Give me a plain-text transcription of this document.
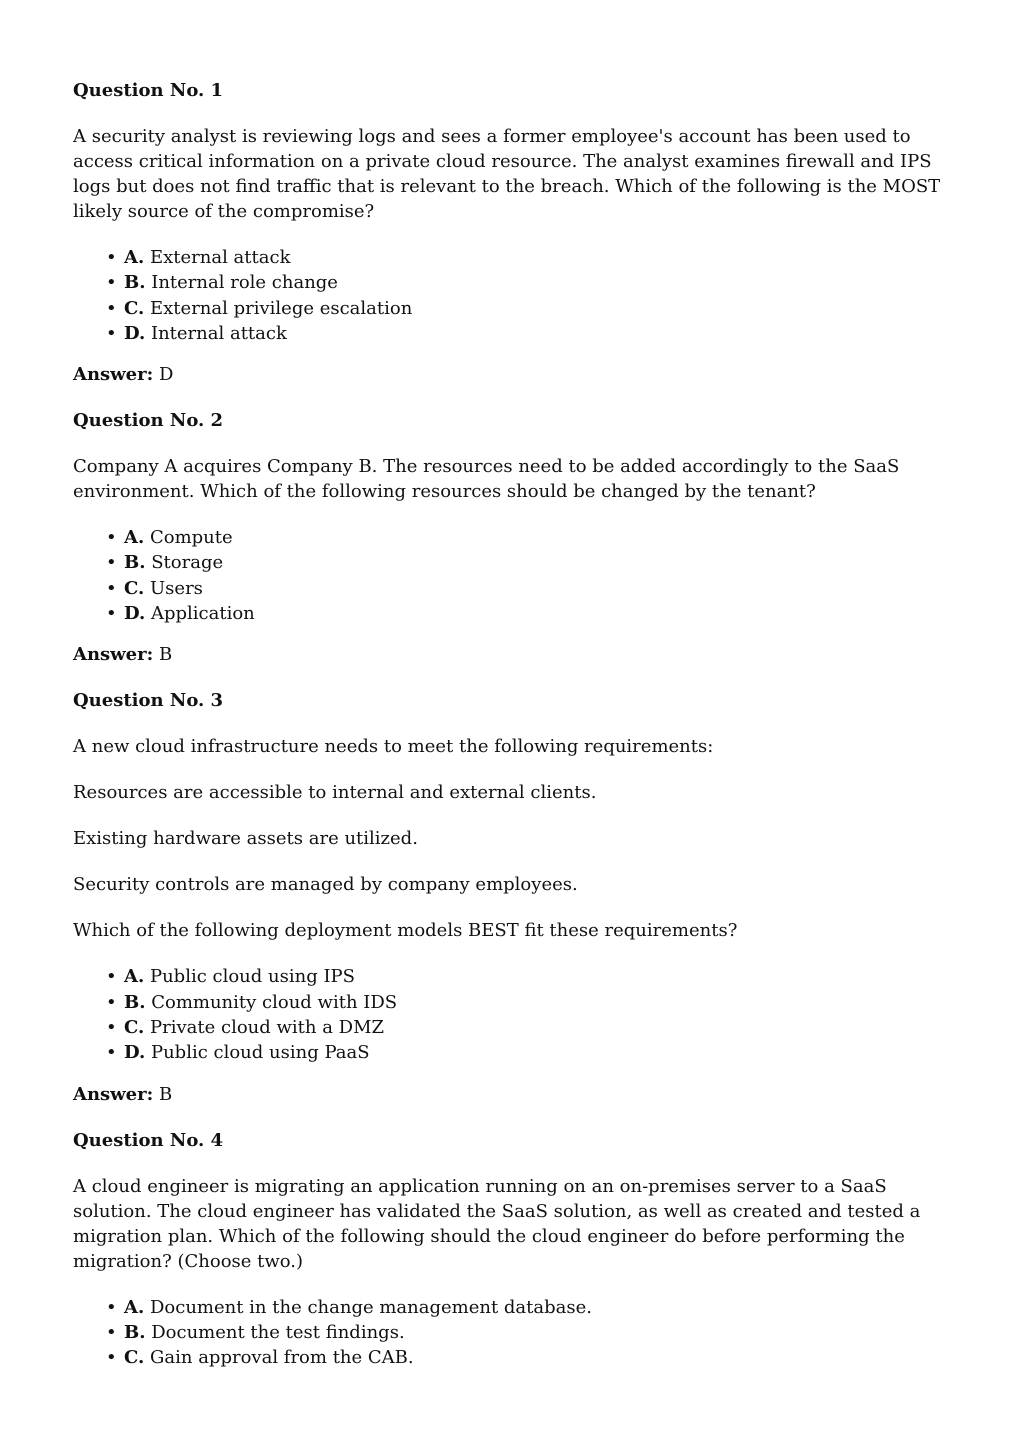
Question No. 1

A security analyst is reviewing logs and sees a former employee's account has been used to access critical information on a private cloud resource. The analyst examines firewall and IPS logs but does not find traffic that is relevant to the breach. Which of the following is the MOST likely source of the compromise?

• A. External attack
• B. Internal role change
• C. External privilege escalation
• D. Internal attack

Answer: D

Question No. 2

Company A acquires Company B. The resources need to be added accordingly to the SaaS environment. Which of the following resources should be changed by the tenant?

• A. Compute
• B. Storage
• C. Users
• D. Application

Answer: B

Question No. 3

A new cloud infrastructure needs to meet the following requirements:

Resources are accessible to internal and external clients.

Existing hardware assets are utilized.

Security controls are managed by company employees.

Which of the following deployment models BEST fit these requirements?

• A. Public cloud using IPS
• B. Community cloud with IDS
• C. Private cloud with a DMZ
• D. Public cloud using PaaS

Answer: B

Question No. 4

A cloud engineer is migrating an application running on an on-premises server to a SaaS solution. The cloud engineer has validated the SaaS solution, as well as created and tested a migration plan. Which of the following should the cloud engineer do before performing the migration? (Choose two.)

• A. Document in the change management database.
• B. Document the test findings.
• C. Gain approval from the CAB.
